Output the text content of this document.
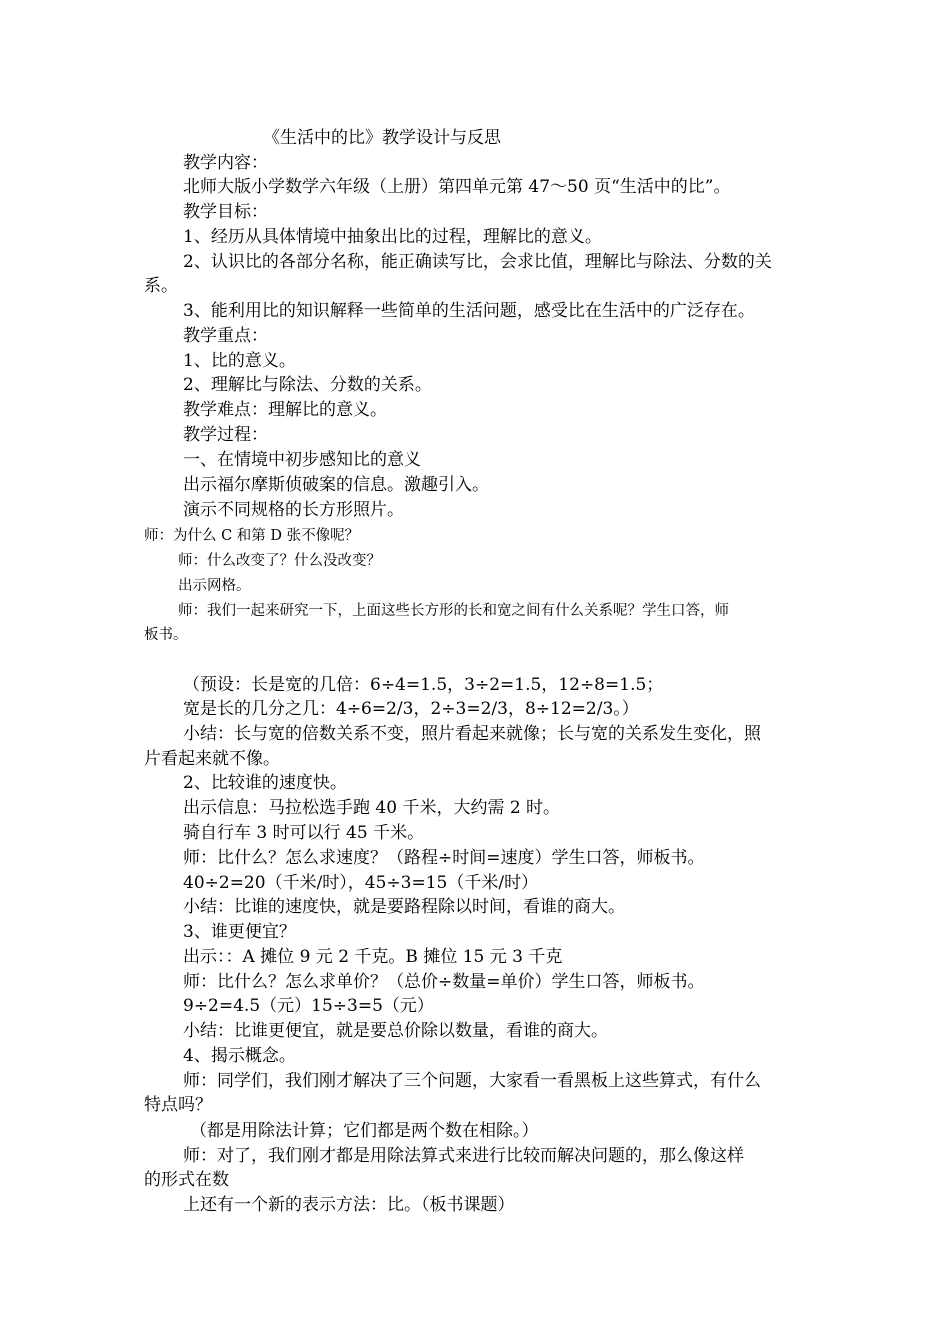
《生活中的比》教学设计与反思
教学内容：
北师大版小学数学六年级（上册）第四单元第 47～50 页“生活中的比”。
教学目标：
1、经历从具体情境中抽象出比的过程，理解比的意义。
2、认识比的各部分名称，能正确读写比，会求比值，理解比与除法、分数的关
系。
3、能利用比的知识解释一些简单的生活问题，感受比在生活中的广泛存在。
教学重点：
1、比的意义。
2、理解比与除法、分数的关系。
教学难点：理解比的意义。
教学过程：
一、在情境中初步感知比的意义
出示福尔摩斯侦破案的信息。激趣引入。
演示不同规格的长方形照片。
师：为什么 C 和第 D 张不像呢？
师：什么改变了？什么没改变？
出示网格。
师：我们一起来研究一下，上面这些长方形的长和宽之间有什么关系呢？学生口答，师
板书。
（预设：长是宽的几倍：6÷4=1.5，3÷2=1.5，12÷8=1.5；
宽是长的几分之几：4÷6=2/3，2÷3=2/3，8÷12=2/3。）
小结：长与宽的倍数关系不变，照片看起来就像；长与宽的关系发生变化，照
片看起来就不像。
2、比较谁的速度快。
出示信息：马拉松选手跑 40 千米，大约需 2 时。
骑自行车 3 时可以行 45 千米。
师：比什么？怎么求速度？（路程÷时间=速度）学生口答，师板书。
40÷2=20（千米/时），45÷3=15（千米/时）
小结：比谁的速度快，就是要路程除以时间，看谁的商大。
3、谁更便宜？
出示：：A 摊位 9 元 2 千克。B 摊位 15 元 3 千克
师：比什么？怎么求单价？（总价÷数量=单价）学生口答，师板书。
9÷2=4.5（元）15÷3=5（元）
小结：比谁更便宜，就是要总价除以数量，看谁的商大。
4、揭示概念。
师：同学们，我们刚才解决了三个问题，大家看一看黑板上这些算式，有什么
特点吗？
（都是用除法计算；它们都是两个数在相除。）
师：对了，我们刚才都是用除法算式来进行比较而解决问题的，那么像这样
的形式在数
上还有一个新的表示方法：比。（板书课题）
